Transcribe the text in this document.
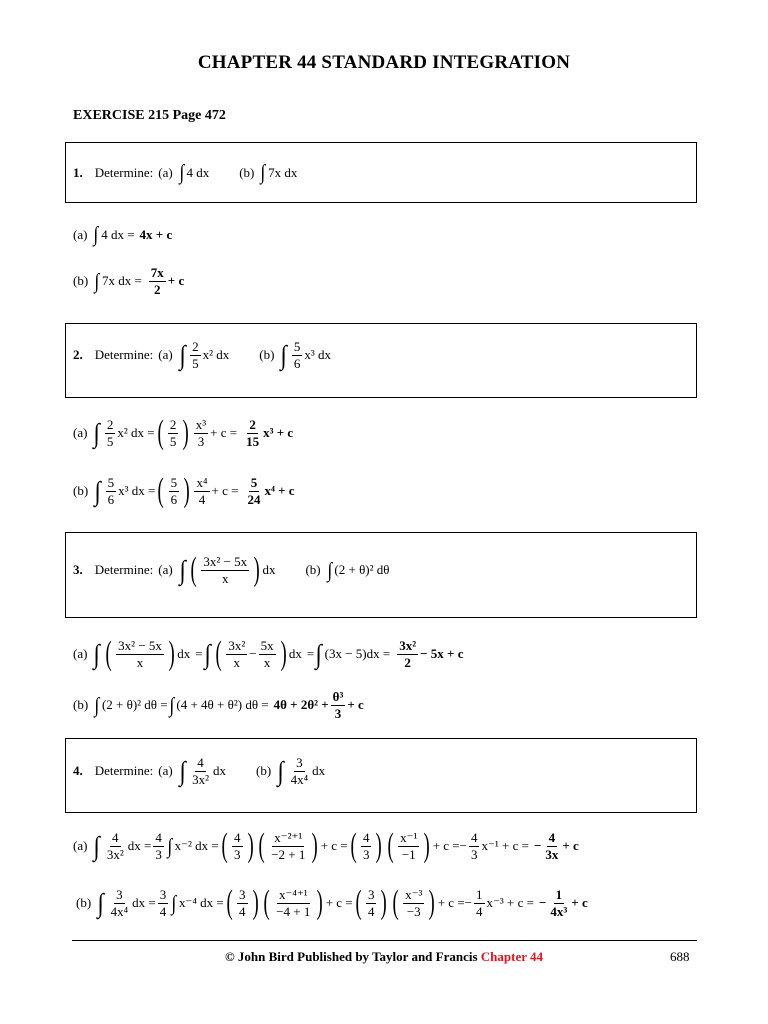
CHAPTER 44 STANDARD INTEGRATION
EXERCISE 215 Page 472
1. Determine: (a) ∫ 4 dx (b) ∫ 7x dx
(a) ∫ 4 dx = 4x + c
(b) ∫ 7x dx = $\frac{7x}{2} + c$
2. Determine: (a) ∫ $\frac{2}{5} x^2$ dx (b) ∫ $\frac{5}{6} x^3$ dx
(a) ∫ $\frac{2}{5} x^2$ dx = ( $\frac{2}{5}$ ) $\frac{\text{x³}}{3} + c = \frac{2}{15} x^3 + c$
(b) ∫ $\frac{5}{6} x^3$ dx = ( $\frac{5}{6}$ ) $\frac{\text{x⁴}}{4} + c = \frac{5}{24} x^4 + c$
3. Determine: (a) ∫ ( $\frac{\text{3x² − 5x}}{x}$ ) dx (b) ∫ (2 + θ)² dθ
(a) ∫ ( $\frac{\text{3x² − 5x}}{x}$ ) dx = ∫ ( $\frac{\text{3x²}}{x} - \frac{5x}{x}$ ) dx = ∫ $(3x - 5)dx = \frac{\text{3x²}}{2} - 5x + c$
(b) ∫ (2 + θ)² dθ = ∫ (4 + 4θ + θ²) $d\theta = 4\theta + 2\theta^2 + \frac{\text{θ³}}{3} + c$
4. Determine: (a) ∫ $\frac{4}{\text{3x²}}$ dx (b) ∫ $\frac{3}{\text{4x⁴}}$ dx
(a) ∫ $\frac{4}{\text{3x²}}$ dx = $\frac{4}{3}$ ∫ x⁻² dx = ( $\frac{4}{3}$ ) ( $\frac{\text{x⁻²⁺¹}}{-2 + 1}$ ) + c = ( $\frac{4}{3}$ ) ( $\frac{\text{x⁻¹}}{-1}$ ) + c = − $\frac{4}{3} x^{-1} + c$ = − $\frac{4}{3x} + c$
(b) ∫ $\frac{3}{\text{4x⁴}}$ dx = $\frac{3}{4}$ ∫ x⁻⁴ dx = ( $\frac{3}{4}$ ) ( $\frac{\text{x⁻⁴⁺¹}}{-4 + 1}$ ) + c = ( $\frac{3}{4}$ ) ( $\frac{\text{x⁻³}}{-3}$ ) + c = − $\frac{1}{4} x^{-3} + c$ = − $\frac{1}{\text{4x³}} + c$
© John Bird Published by Taylor and Francis Chapter 44	688
